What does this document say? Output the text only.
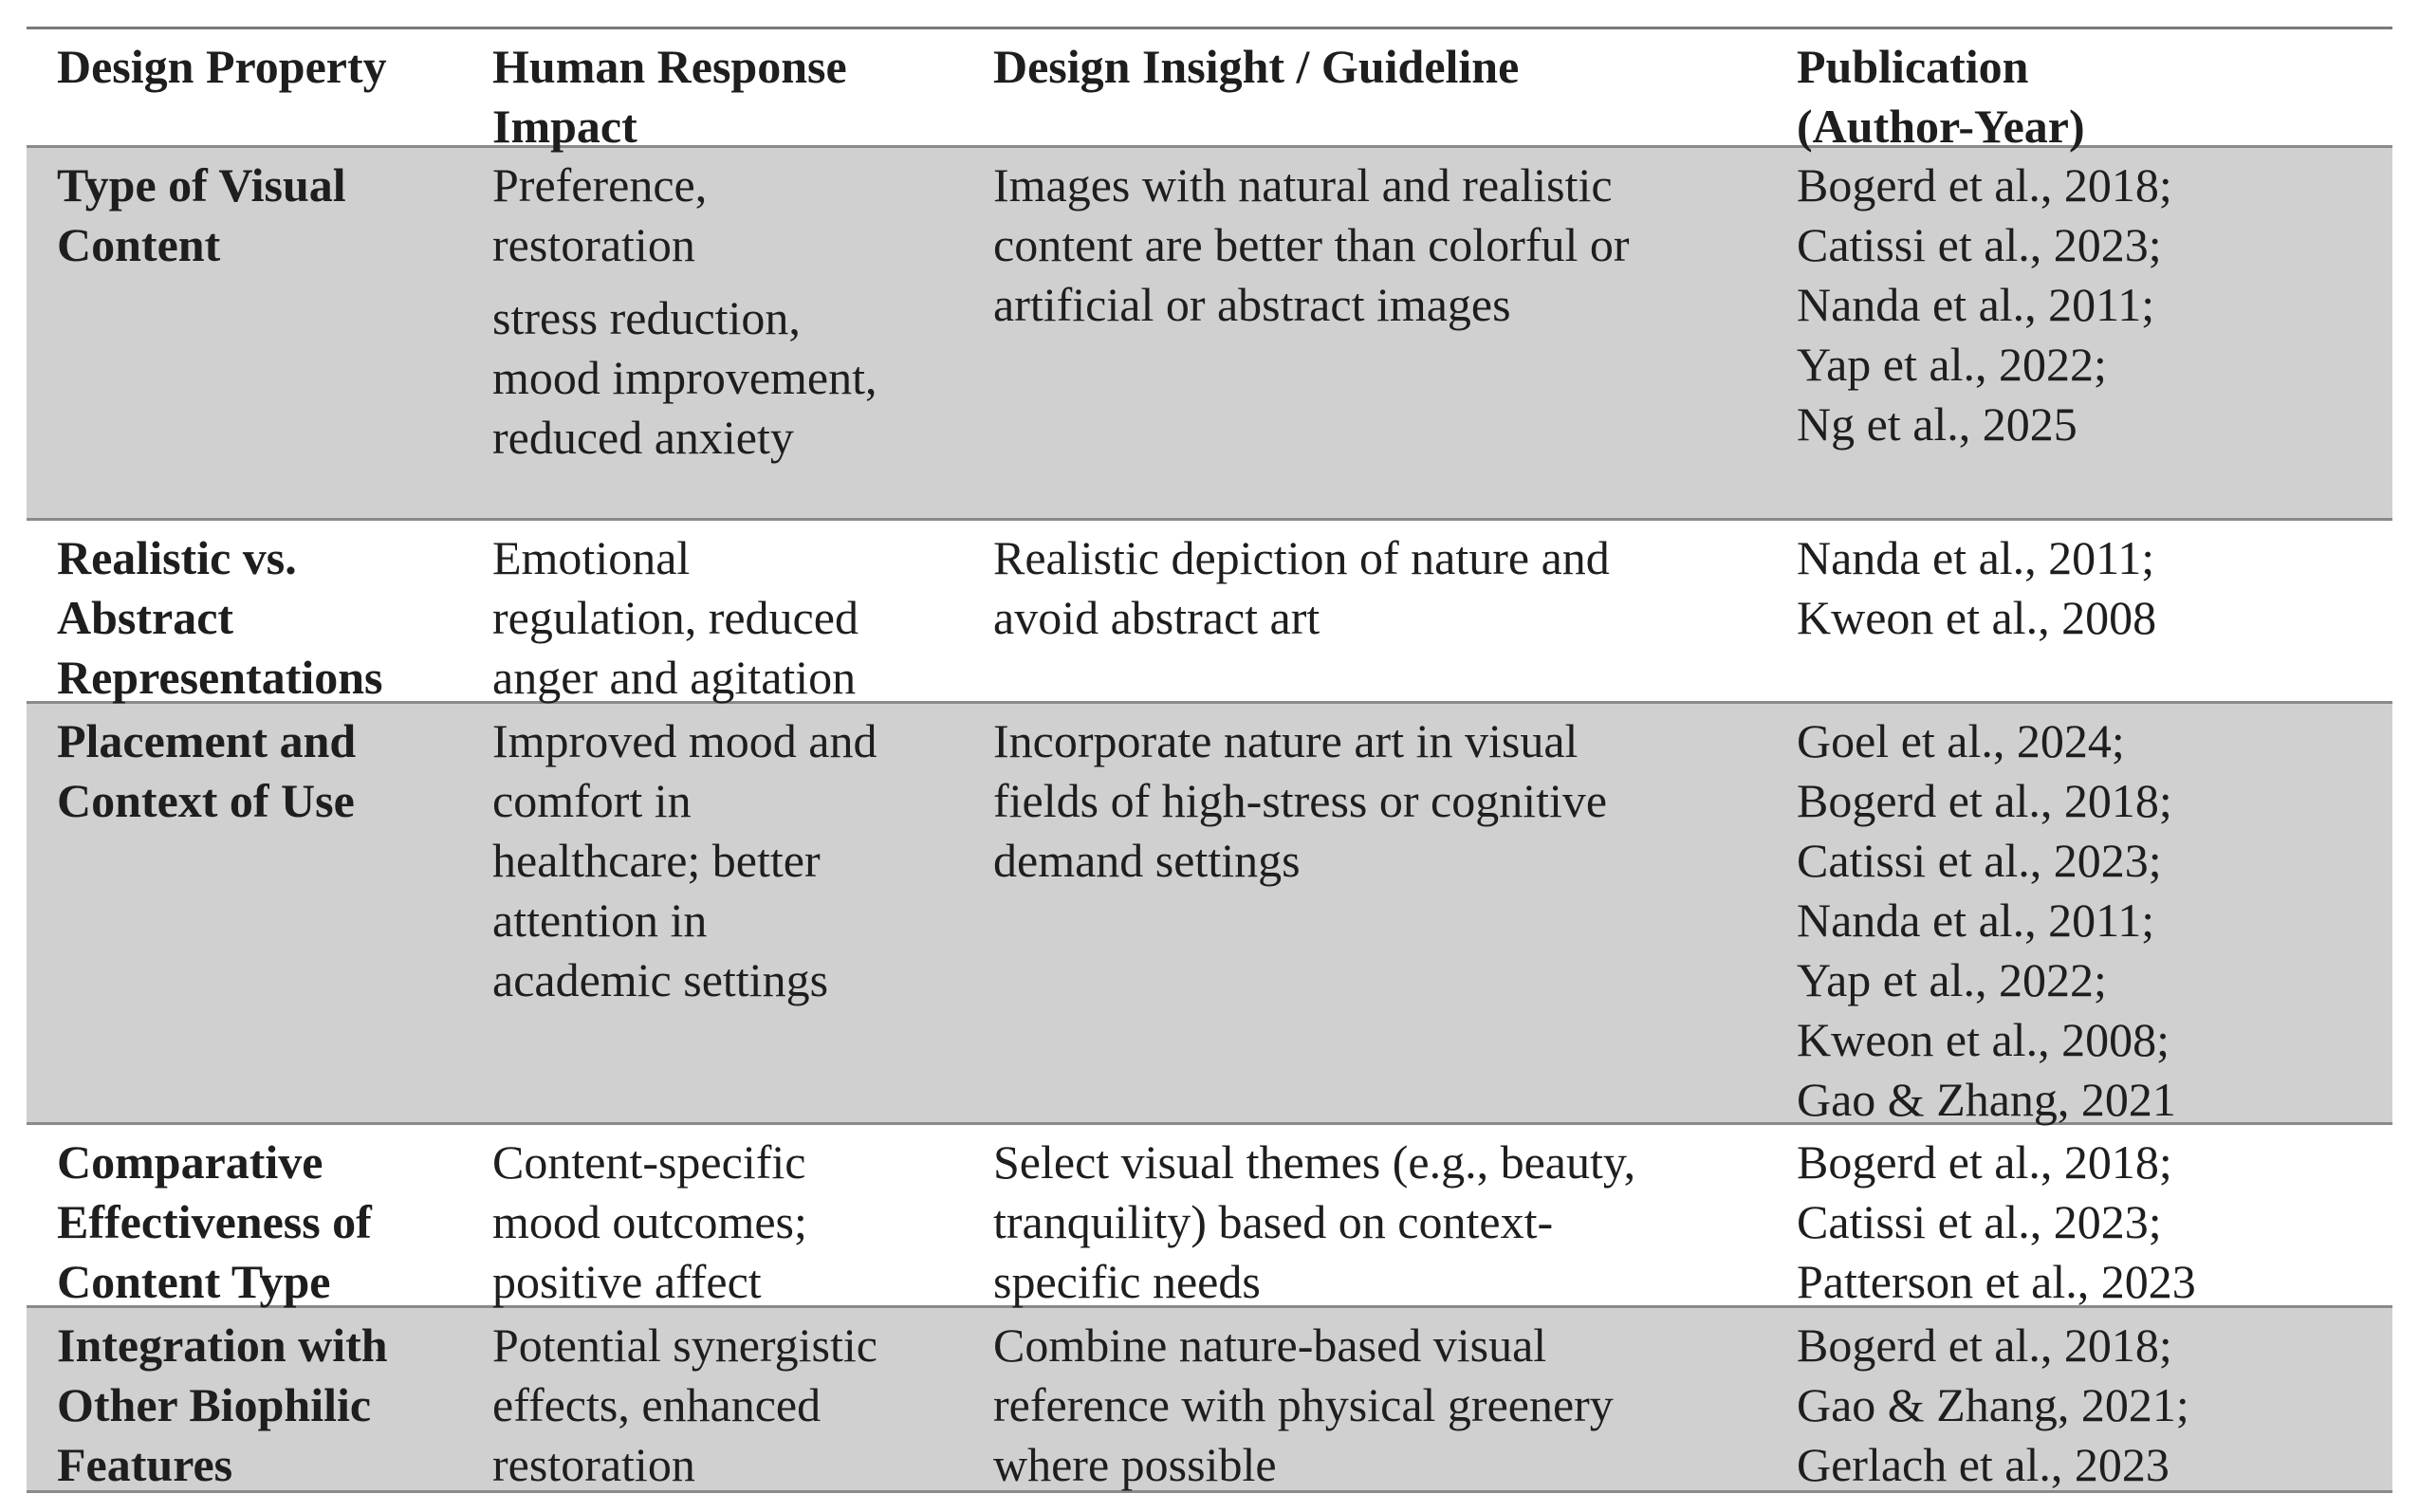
Design Property	Human Response
Impact
Design Insight / Guideline	Publication
(Author-Year)
Type of Visual
Content
Preference,
restoration
stress reduction,
mood improvement,
reduced anxiety
Images with natural and realistic
content are better than colorful or
artificial or abstract images
Bogerd et al., 2018;
Catissi et al., 2023;
Nanda et al., 2011;
Yap et al., 2022;
Ng et al., 2025
Realistic vs.
Abstract
Representations
Emotional
regulation, reduced
anger and agitation
Realistic depiction of nature and
avoid abstract art
Nanda et al., 2011;
Kweon et al., 2008
Placement and
Context of Use
Improved mood and
comfort in
healthcare; better
attention in
academic settings
Incorporate nature art in visual
fields of high-stress or cognitive
demand settings
Goel et al., 2024;
Bogerd et al., 2018;
Catissi et al., 2023;
Nanda et al., 2011;
Yap et al., 2022;
Kweon et al., 2008;
Gao & Zhang, 2021
Comparative
Effectiveness of
Content Type
Content-specific
mood outcomes;
positive affect
Select visual themes (e.g., beauty,
tranquility) based on context-
specific needs
Bogerd et al., 2018;
Catissi et al., 2023;
Patterson et al., 2023
Integration with
Other Biophilic
Features
Potential synergistic
effects, enhanced
restoration
Combine nature-based visual
reference with physical greenery
where possible
Bogerd et al., 2018;
Gao & Zhang, 2021;
Gerlach et al., 2023
